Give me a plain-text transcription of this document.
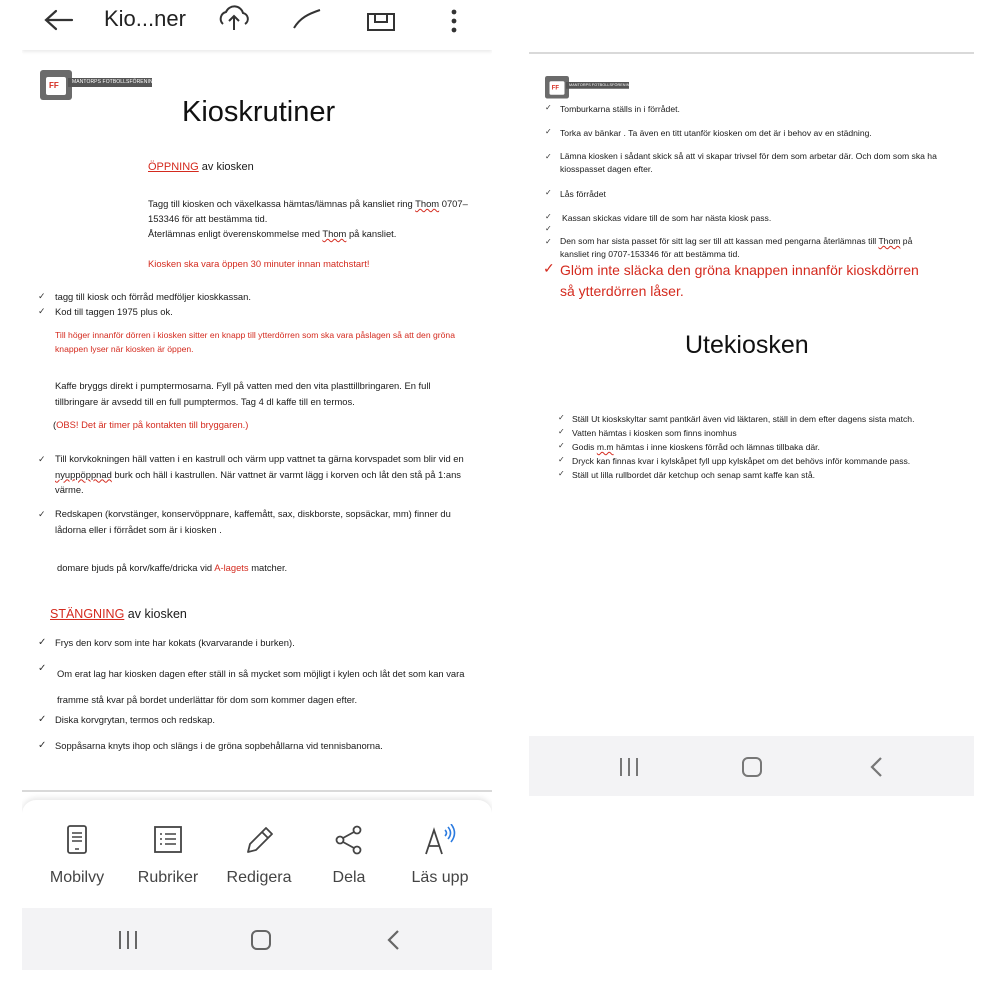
Kio...ner
FF	MANTORPS FOTBOLLSFÖRENING
Kioskrutiner
ÖPPNING av kiosken
Tagg till kiosken och växelkassa hämtas/lämnas på kansliet ring Thom 0707–
153346 för att bestämma tid.
Återlämnas enligt överenskommelse med Thom på kansliet.
Kiosken ska vara öppen 30 minuter innan matchstart!
✓ tagg till kiosk och förråd medföljer kioskkassan.
✓ Kod till taggen 1975 plus ok.
Till höger innanför dörren i kiosken sitter en knapp till ytterdörren som ska vara påslagen så att den gröna
knappen lyser när kiosken är öppen.
Kaffe bryggs direkt i pumptermosarna. Fyll på vatten med den vita plasttillbringaren. En full
tillbringare är avsedd till en full pumptermos. Tag 4 dl kaffe till en termos.
(OBS! Det är timer på kontakten till bryggaren.)
✓ Till korvkokningen häll vatten i en kastrull och värm upp vattnet ta gärna korvspadet som blir vid en
nyuppöppnad burk och häll i kastrullen. När vattnet är varmt lägg i korven och låt den stå på 1:ans
värme.
✓ Redskapen (korvstänger, konservöppnare, kaffemått, sax, diskborste, sopsäckar, mm) finner du
lådorna eller i förrådet som är i kiosken .
domare bjuds på korv/kaffe/dricka vid A-lagets matcher.
STÄNGNING av kiosken
✓ Frys den korv som inte har kokats (kvarvarande i burken).
✓ Om erat lag har kiosken dagen efter ställ in så mycket som möjligt i kylen och låt det som kan vara
framme stå kvar på bordet underlättar för dom som kommer dagen efter.
✓ Diska korvgrytan, termos och redskap.
✓ Soppåsarna knyts ihop och slängs i de gröna sopbehållarna vid tennisbanorna.
Mobilvy	Rubriker	Redigera	Dela	Läs upp
FF MANTORPS FOTBOLLSFÖRENING
✓ Tomburkarna ställs in i förrådet.
✓ Torka av bänkar . Ta även en titt utanför kiosken om det är i behov av en städning.
✓ Lämna kiosken i sådant skick så att vi skapar trivsel för dem som arbetar där. Och dom som ska ha
kiosspasset dagen efter.
✓ Lås förrådet
✓ Kassan skickas vidare till de som har nästa kiosk pass.
✓
✓ Den som har sista passet för sitt lag ser till att kassan med pengarna återlämnas till Thom på
kansliet ring 0707-153346 för att bestämma tid.
✓ Glöm inte släcka den gröna knappen innanför kioskdörren
så ytterdörren låser.
Utekiosken
✓ Ställ Ut kioskskyltar samt pantkärl även vid läktaren, ställ in dem efter dagens sista match.
✓ Vatten hämtas i kiosken som finns inomhus
✓ Godis m.m hämtas i inne kioskens förråd och lämnas tillbaka där.
✓ Dryck kan finnas kvar i kylskåpet fyll upp kylskåpet om det behövs inför kommande pass.
✓ Ställ ut lilla rullbordet där ketchup och senap samt kaffe kan stå.
